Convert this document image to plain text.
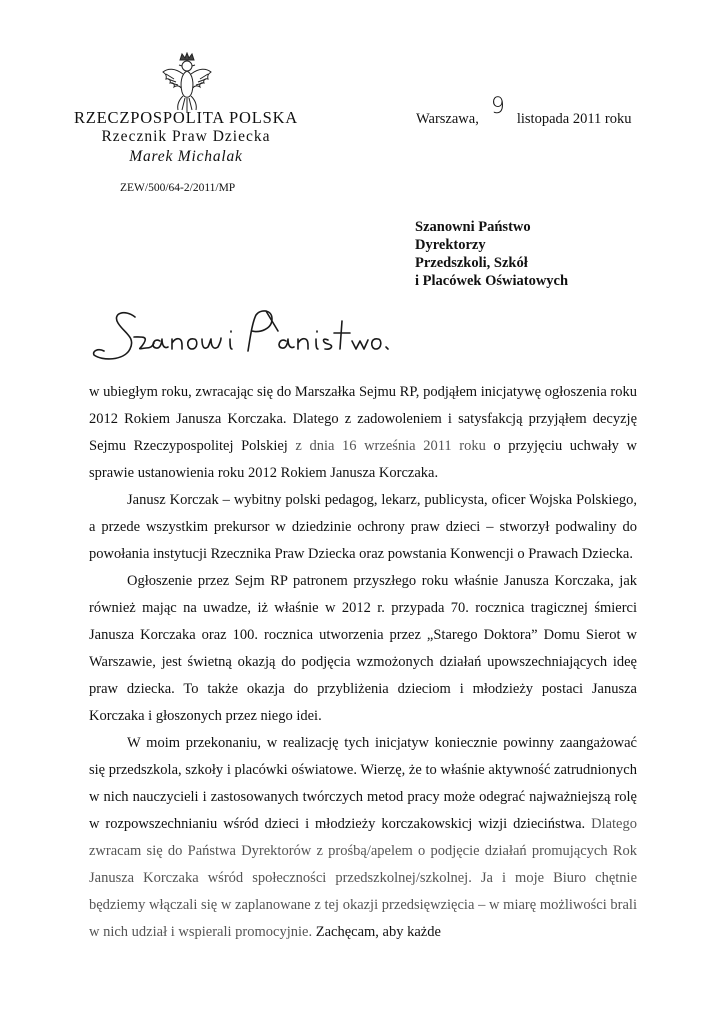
RZECZPOSPOLITA POLSKA
Rzecznik Praw Dziecka
Marek Michalak
ZEW/500/64-2/2011/MP
Warszawa, 9 listopada 2011 roku
Szanowni Państwo
Dyrektorzy
Przedszkoli, Szkół
i Placówek Oświatowych

w ubiegłym roku, zwracając się do Marszałka Sejmu RP, podjąłem inicjatywę ogłoszenia roku 2012 Rokiem Janusza Korczaka. Dlatego z zadowoleniem i satysfakcją przyjąłem decyzję Sejmu Rzeczypospolitej Polskiej z dnia 16 września 2011 roku o przyjęciu uchwały w sprawie ustanowienia roku 2012 Rokiem Janusza Korczaka.

Janusz Korczak – wybitny polski pedagog, lekarz, publicysta, oficer Wojska Polskiego, a przede wszystkim prekursor w dziedzinie ochrony praw dzieci – stworzył podwaliny do powołania instytucji Rzecznika Praw Dziecka oraz powstania Konwencji o Prawach Dziecka.

Ogłoszenie przez Sejm RP patronem przyszłego roku właśnie Janusza Korczaka, jak również mając na uwadze, iż właśnie w 2012 r. przypada 70. rocznica tragicznej śmierci Janusza Korczaka oraz 100. rocznica utworzenia przez „Starego Doktora” Domu Sierot w Warszawie, jest świetną okazją do podjęcia wzmożonych działań upowszechniających ideę praw dziecka. To także okazja do przybliżenia dzieciom i młodzieży postaci Janusza Korczaka i głoszonych przez niego idei.

W moim przekonaniu, w realizację tych inicjatyw koniecznie powinny zaangażować się przedszkola, szkoły i placówki oświatowe. Wierzę, że to właśnie aktywność zatrudnionych w nich nauczycieli i zastosowanych twórczych metod pracy może odegrać najważniejszą rolę w rozpowszechnianiu wśród dzieci i młodzieży korczakowskicj wizji dzieciństwa. Dlatego zwracam się do Państwa Dyrektorów z prośbą/apelem o podjęcie działań promujących Rok Janusza Korczaka wśród społeczności przedszkolnej/szkolnej. Ja i moje Biuro chętnie będziemy włączali się w zaplanowane z tej okazji przedsięwzięcia – w miarę możliwości brali w nich udział i wspierali promocyjnie. Zachęcam, aby każde
